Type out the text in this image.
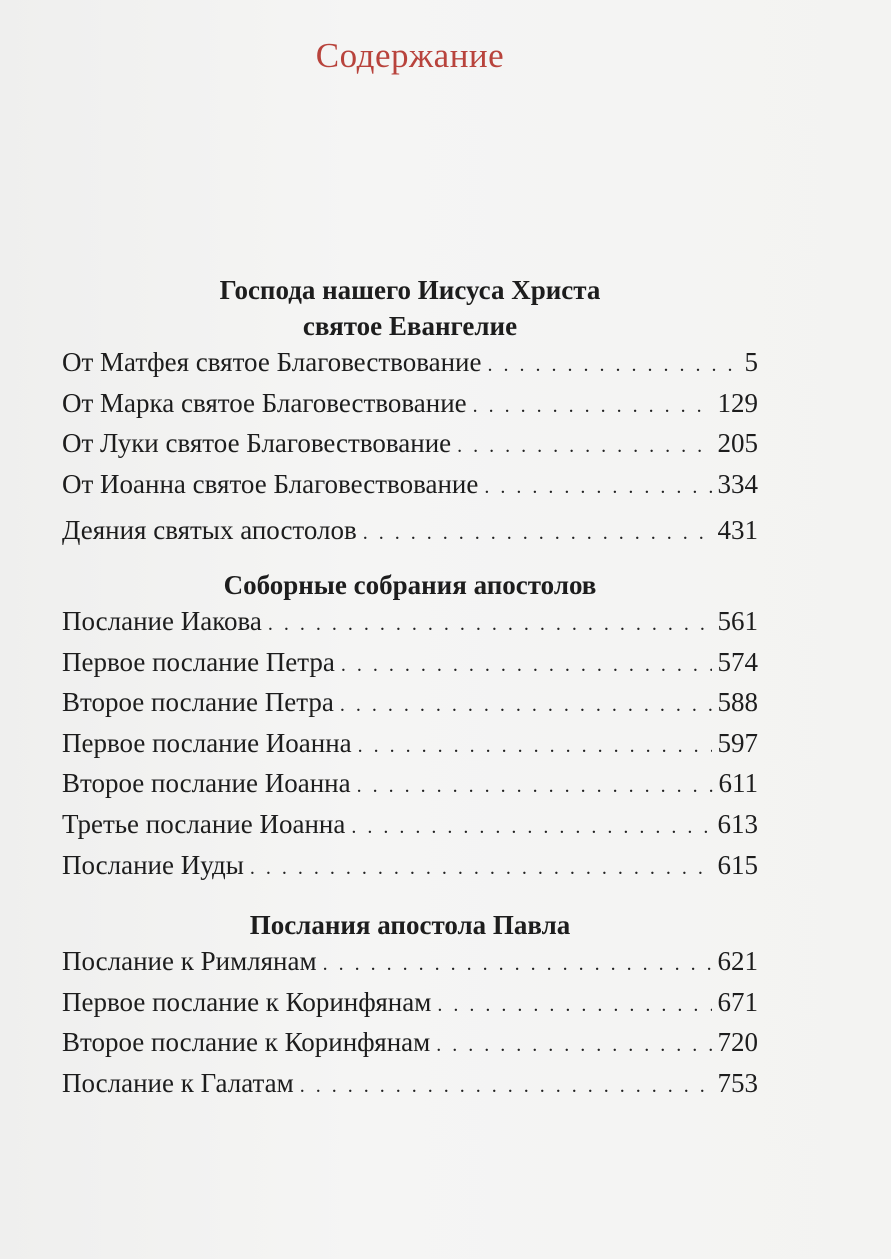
Содержание
Господа нашего Иисуса Христа
святое Евангелие
От Матфея святое Благовествование . . .	5
От Марка святое Благовествование . . .	129
От Луки святое Благовествование . . .	205
От Иоанна святое Благовествование . . .	334
Деяния святых апостолов . . .	431
Соборные собрания апостолов
Послание Иакова . . .	561
Первое послание Петра . . .	574
Второе послание Петра . . .	588
Первое послание Иоанна . . .	597
Второе послание Иоанна . . .	611
Третье послание Иоанна . . .	613
Послание Иуды . . .	615
Послания апостола Павла
Послание к Римлянам . . .	621
Первое послание к Коринфянам . . .	671
Второе послание к Коринфянам . . .	720
Послание к Галатам . . .	753
